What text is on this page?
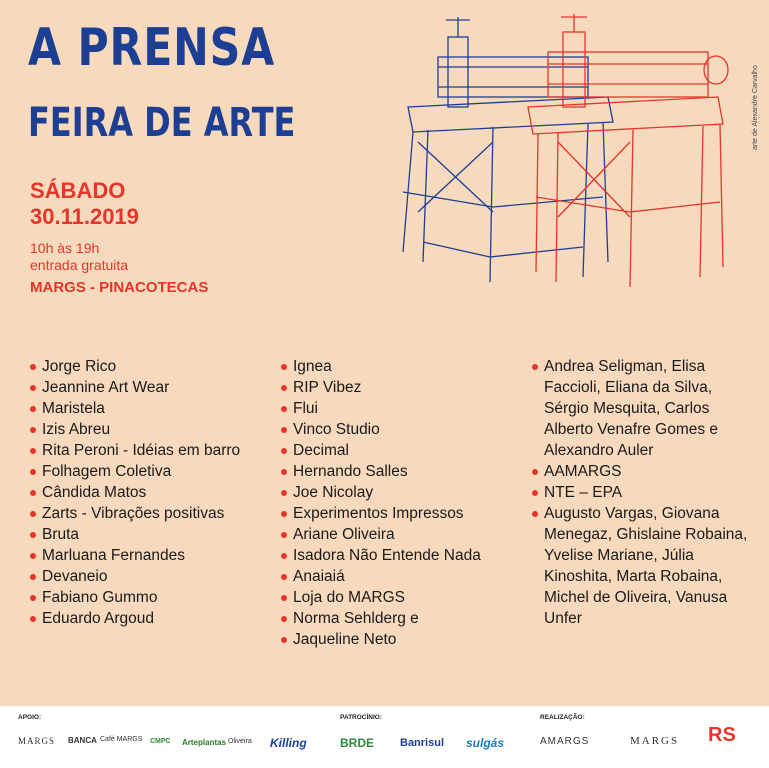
A PRENSA
FEIRA DE ARTE
SÁBADO
30.11.2019
10h às 19h
entrada gratuita
MARGS - PINACOTECAS
arte de Alexandre Carvalho
Jorge Rico
Jeannine Art Wear
Maristela
Izis Abreu
Rita Peroni - Idéias em barro
Folhagem Coletiva
Cândida Matos
Zarts - Vibrações positivas
Bruta
Marluana Fernandes
Devaneio
Fabiano Gummo
Eduardo Argoud
Ignea
RIP Vibez
Flui
Vinco Studio
Decimal
Hernando Salles
Joe Nicolay
Experimentos Impressos
Ariane Oliveira
Isadora Não Entende Nada
Anaiaiá
Loja do MARGS
Norma Sehlderg e
Jaqueline Neto
Andrea Seligman, Elisa Faccioli, Eliana da Silva, Sérgio Mesquita, Carlos Alberto Venafre Gomes e Alexandro Auler
AAMARGS
NTE – EPA
Augusto Vargas, Giovana Menegaz, Ghislaine Robaina, Yvelise Mariane, Júlia Kinoshita, Marta Robaina, Michel de Oliveira, Vanusa Unfer
APOIO:
MARGS BANCA Café MARGS CMPC Arteplantas Oliveira Killing
PATROCÍNIO:
BRDE Banrisul sulgás
REALIZAÇÃO:
AMARGS	MARGS RS
